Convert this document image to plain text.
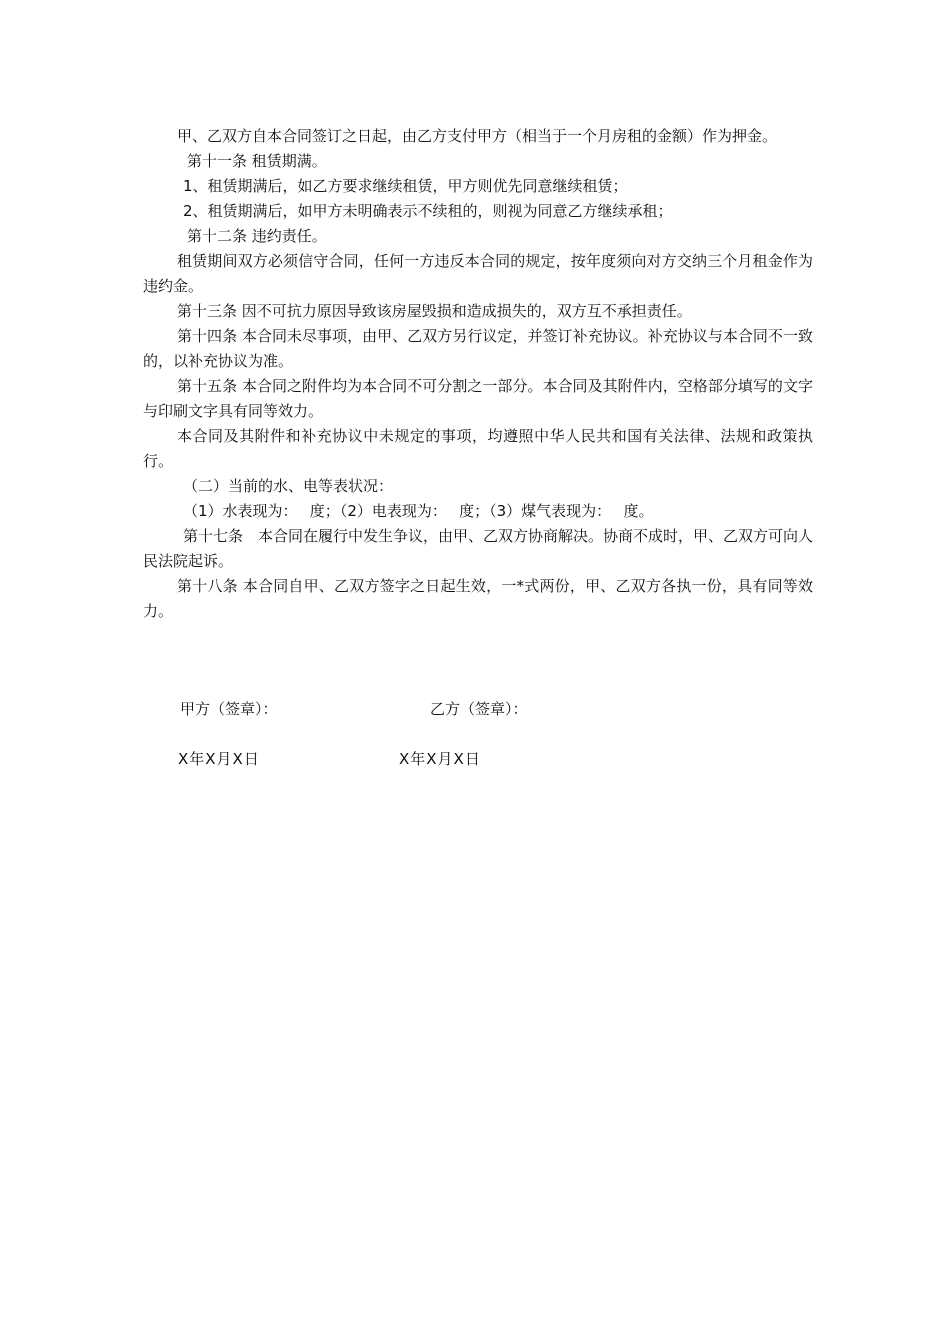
甲、乙双方自本合同签订之日起，由乙方支付甲方（相当于一个月房租的金额）作为押金。

第十一条 租赁期满。

1、租赁期满后，如乙方要求继续租赁，甲方则优先同意继续租赁；

2、租赁期满后，如甲方未明确表示不续租的，则视为同意乙方继续承租；

第十二条 违约责任。

租赁期间双方必须信守合同，任何一方违反本合同的规定，按年度须向对方交纳三个月租金作为违约金。

第十三条 因不可抗力原因导致该房屋毁损和造成损失的，双方互不承担责任。

第十四条 本合同未尽事项，由甲、乙双方另行议定，并签订补充协议。补充协议与本合同不一致的，以补充协议为准。

第十五条 本合同之附件均为本合同不可分割之一部分。本合同及其附件内，空格部分填写的文字与印刷文字具有同等效力。

本合同及其附件和补充协议中未规定的事项，均遵照中华人民共和国有关法律、法规和政策执行。

（二）当前的水、电等表状况：

（1）水表现为：　 度；（2）电表现为：　 度；（3）煤气表现为：　 度。

第十七条　本合同在履行中发生争议，由甲、乙双方协商解决。协商不成时，甲、乙双方可向人民法院起诉。

第十八条 本合同自甲、乙双方签字之日起生效，一*式两份，甲、乙双方各执一份，具有同等效力。

甲方（签章）：	乙方（签章）：
X年X月X日	X年X月X日
